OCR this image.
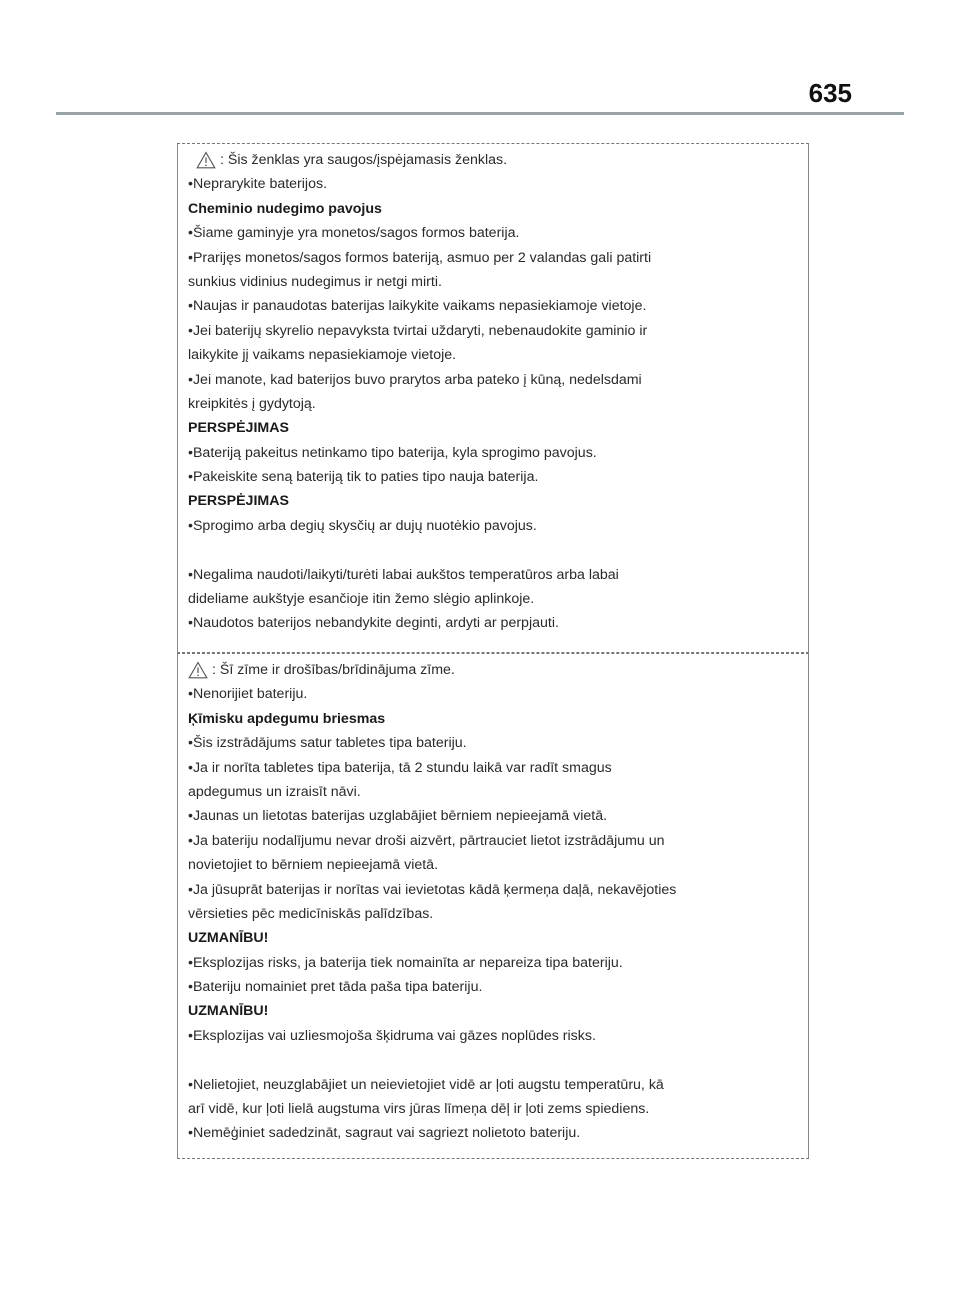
635
: Šis ženklas yra saugos/įspėjamasis ženklas.
•Neprarykite baterijos.
Cheminio nudegimo pavojus
•Šiame gaminyje yra monetos/sagos formos baterija.
•Prarijęs monetos/sagos formos bateriją, asmuo per 2 valandas gali patirti
sunkius vidinius nudegimus ir netgi mirti.
•Naujas ir panaudotas baterijas laikykite vaikams nepasiekiamoje vietoje.
•Jei baterijų skyrelio nepavyksta tvirtai uždaryti, nebenaudokite gaminio ir
laikykite jį vaikams nepasiekiamoje vietoje.
•Jei manote, kad baterijos buvo prarytos arba pateko į kūną, nedelsdami
kreipkitės į gydytoją.
PERSPĖJIMAS
•Bateriją pakeitus netinkamo tipo baterija, kyla sprogimo pavojus.
•Pakeiskite seną bateriją tik to paties tipo nauja baterija.
PERSPĖJIMAS
•Sprogimo arba degių skysčių ar dujų nuotėkio pavojus.
•Negalima naudoti/laikyti/turėti labai aukštos temperatūros arba labai
dideliame aukštyje esančioje itin žemo slėgio aplinkoje.
•Naudotos baterijos nebandykite deginti, ardyti ar perpjauti.
: Šī zīme ir drošības/brīdinājuma zīme.
•Nenorijiet bateriju.
Ķīmisku apdegumu briesmas
•Šis izstrādājums satur tabletes tipa bateriju.
•Ja ir norīta tabletes tipa baterija, tā 2 stundu laikā var radīt smagus
apdegumus un izraisīt nāvi.
•Jaunas un lietotas baterijas uzglabājiet bērniem nepieejamā vietā.
•Ja bateriju nodalījumu nevar droši aizvērt, pārtrauciet lietot izstrādājumu un
novietojiet to bērniem nepieejamā vietā.
•Ja jūsuprāt baterijas ir norītas vai ievietotas kādā ķermeņa daļā, nekavējoties
vērsieties pēc medicīniskās palīdzības.
UZMANĪBU!
•Eksplozijas risks, ja baterija tiek nomainīta ar nepareiza tipa bateriju.
•Bateriju nomainiet pret tāda paša tipa bateriju.
UZMANĪBU!
•Eksplozijas vai uzliesmojoša šķidruma vai gāzes noplūdes risks.
•Nelietojiet, neuzglabājiet un neievietojiet vidē ar ļoti augstu temperatūru, kā
arī vidē, kur ļoti lielā augstuma virs jūras līmeņa dēļ ir ļoti zems spiediens.
•Nemēģiniet sadedzināt, sagraut vai sagriezt nolietoto bateriju.
